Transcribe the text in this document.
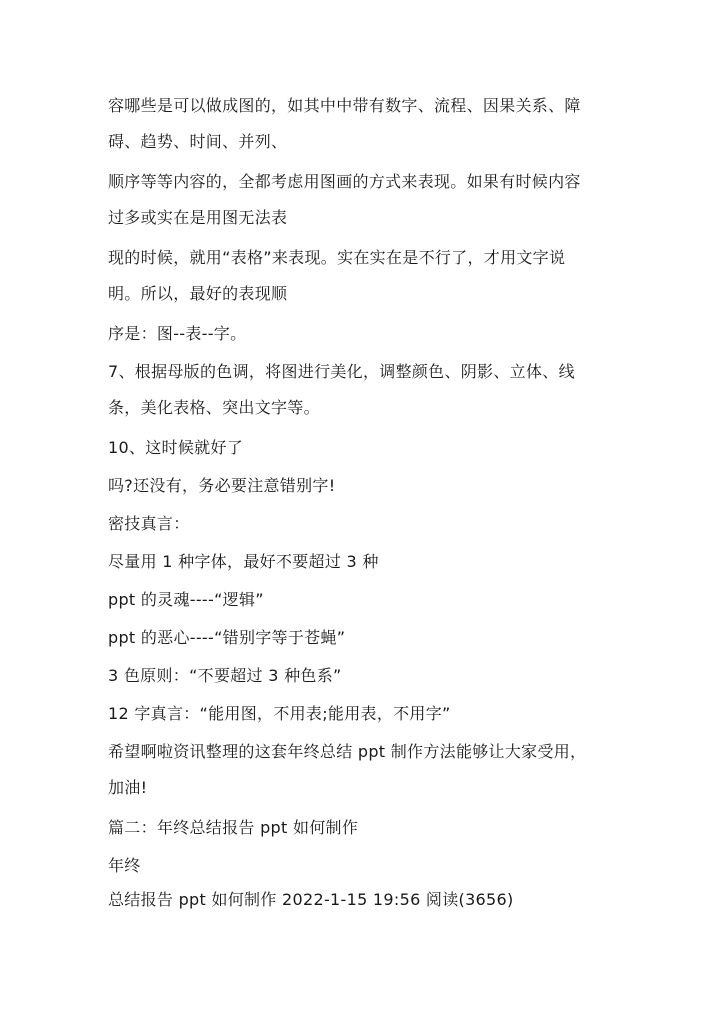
容哪些是可以做成图的，如其中中带有数字、流程、因果关系、障
碍、趋势、时间、并列、
顺序等等内容的，全都考虑用图画的方式来表现。如果有时候内容
过多或实在是用图无法表
现的时候，就用“表格”来表现。实在实在是不行了，才用文字说
明。所以，最好的表现顺
序是：图--表--字。
7、根据母版的色调，将图进行美化，调整颜色、阴影、立体、线
条，美化表格、突出文字等。
10、这时候就好了
吗?还没有，务必要注意错别字!
密技真言：
尽量用 1 种字体，最好不要超过 3 种
ppt 的灵魂----“逻辑”
ppt 的恶心----“错别字等于苍蝇”
3 色原则：“不要超过 3 种色系”
12 字真言：“能用图，不用表;能用表，不用字”
希望啊啦资讯整理的这套年终总结 ppt 制作方法能够让大家受用，
加油!
篇二：年终总结报告 ppt 如何制作
年终
总结报告 ppt 如何制作 2022-1-15 19:56 阅读(3656)
